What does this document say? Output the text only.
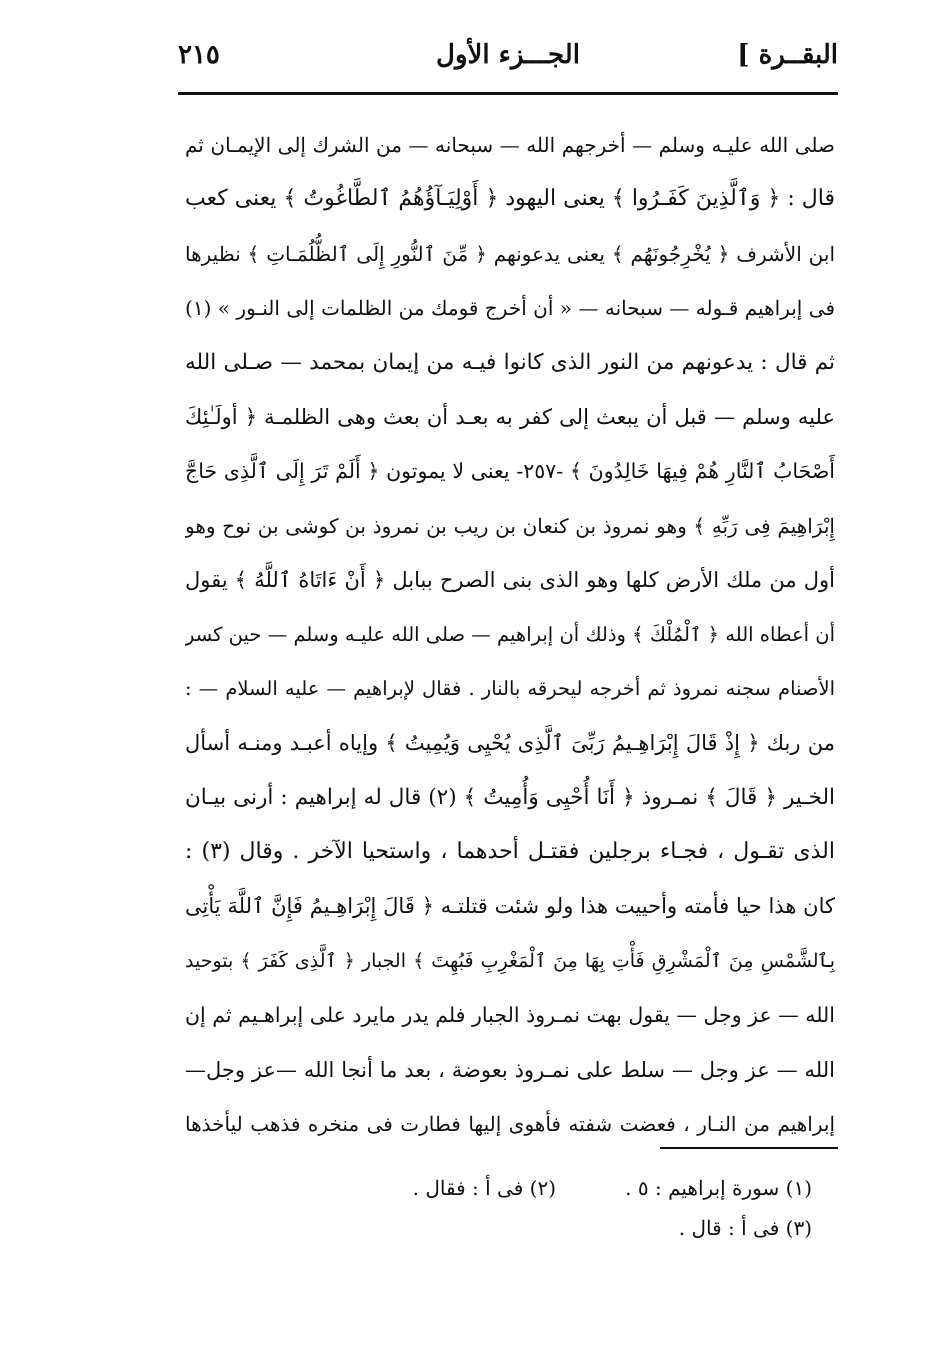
البقــرة ]
الجـــزء الأول
٢١٥
صلى الله عليـه وسلم — أخرجهم الله — سبحانه — من الشرك إلى الإيمـان ثم
قال : ﴿ وَٱلَّذِينَ كَفَـرُوا ﴾ يعنى اليهود ﴿ أَوْلِيَـآؤُهُمُ ٱلطَّاغُوتُ ﴾ يعنى كعب
ابن الأشرف ﴿ يُخْرِجُونَهُم ﴾ يعنى يدعونهم ﴿ مِّنَ ٱلنُّورِ إِلَى ٱلظُّلُمَـاتِ ﴾ نظيرها
فى إبراهيم قـوله — سبحانه — « أن أخرج قومك من الظلمات إلى النـور » (١)
ثم قال : يدعونهم من النور الذى كانوا فيـه من إيمان بمحمد — صـلى الله
عليه وسلم — قبل أن يبعث إلى كفر به بعـد أن بعث وهى الظلمـة ﴿ أولَـٰئِكَ
أَصْحَابُ ٱلنَّارِ هُمْ فِيهَا خَالِدُونَ ﴾ -٢٥٧- يعنى لا يموتون ﴿ أَلَمْ تَرَ إِلَى ٱلَّذِى حَاجَّ
إِبْرَاهِيمَ فِى رَبِّهِ ﴾ وهو نمروذ بن كنعان بن ريب بن نمروذ بن كوشى بن نوح وهو
أول من ملك الأرض كلها وهو الذى بنى الصرح ببابل ﴿ أَنْ ءَاتَاهُ ٱللَّهُ ﴾ يقول
أن أعطاه الله ﴿ ٱلْمُلْكَ ﴾ وذلك أن إبراهيم — صلى الله عليـه وسلم — حين كسر
الأصنام سجنه نمروذ ثم أخرجه ليحرقه بالنار . فقال لإبراهيم — عليه السلام — :
من ربك ﴿ إِذْ قَالَ إِبْرَاهِـيمُ رَبِّىَ ٱلَّذِى يُحْيِى وَيُمِيتُ ﴾ وإياه أعبـد ومنـه أسأل
الخـير ﴿ قَالَ ﴾ نمـروذ ﴿ أَنَا أُحْيِى وَأُمِيتُ ﴾ (٢) قال له إبراهيم : أرنى بيـان
الذى تقـول ، فجـاء برجلين فقتـل أحدهما ، واستحيا الآخر . وقال (٣) :
كان هذا حيا فأمته وأحييت هذا ولو شئت قتلتـه ﴿ قَالَ إِبْرَاهِـيمُ فَإِنَّ ٱللَّهَ يَأْتِى
بِٱلشَّمْسِ مِنَ ٱلْمَشْرِقِ فَأْتِ بِهَا مِنَ ٱلْمَغْرِبِ فَبُهِتَ ﴾ الجبار ﴿ ٱلَّذِى كَفَرَ ﴾ بتوحيد
الله — عز وجل — يقول بهت نمـروذ الجبار فلم يدر مايرد على إبراهـيم ثم إن
الله — عز وجل — سلط على نمـروذ بعوضة ، بعد ما أنجا الله —عز وجل—
إبراهيم من النـار ، فعضت شفته فأهوى إليها فطارت فى منخره فذهب ليأخذها
(١) سورة إبراهيم : ٥ .
(٢) فى أ : فقال .
(٣) فى أ : قال .
